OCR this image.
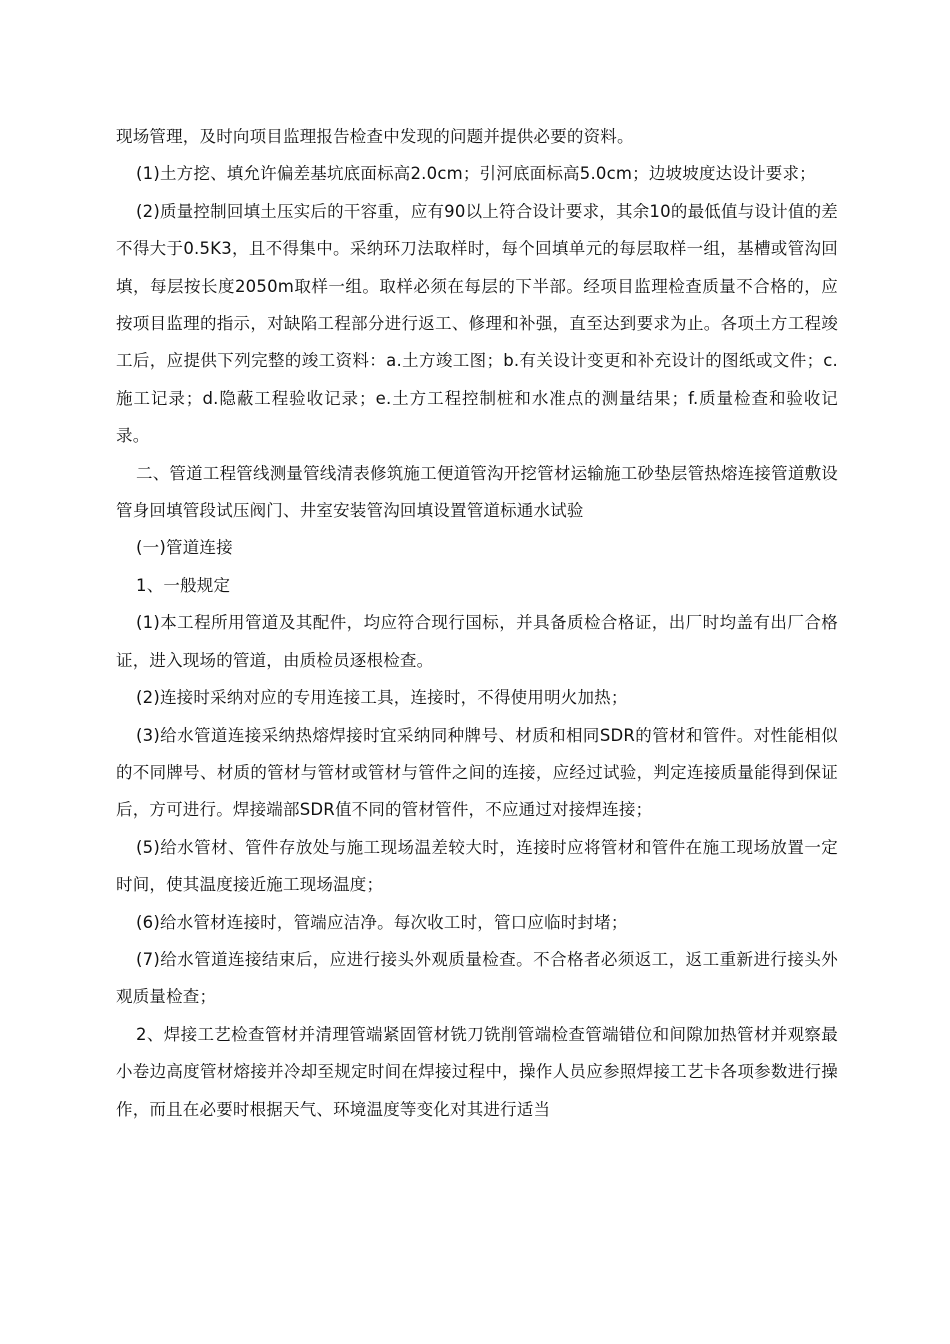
现场管理，及时向项目监理报告检查中发现的问题并提供必要的资料。

(1)土方挖、填允许偏差基坑底面标高2.0cm；引河底面标高5.0cm；边坡坡度达设计要求；

(2)质量控制回填土压实后的干容重，应有90以上符合设计要求，其余10的最低值与设计值的差不得大于0.5K3，且不得集中。采纳环刀法取样时，每个回填单元的每层取样一组，基槽或管沟回填，每层按长度2050m取样一组。取样必须在每层的下半部。经项目监理检查质量不合格的，应按项目监理的指示，对缺陷工程部分进行返工、修理和补强，直至达到要求为止。各项土方工程竣工后，应提供下列完整的竣工资料：a.土方竣工图；b.有关设计变更和补充设计的图纸或文件；c.施工记录；d.隐蔽工程验收记录；e.土方工程控制桩和水准点的测量结果；f.质量检查和验收记录。

二、管道工程管线测量管线清表修筑施工便道管沟开挖管材运输施工砂垫层管热熔连接管道敷设管身回填管段试压阀门、井室安装管沟回填设置管道标通水试验

(一)管道连接

1、一般规定

(1)本工程所用管道及其配件，均应符合现行国标，并具备质检合格证，出厂时均盖有出厂合格证，进入现场的管道，由质检员逐根检查。

(2)连接时采纳对应的专用连接工具，连接时，不得使用明火加热；

(3)给水管道连接采纳热熔焊接时宜采纳同种牌号、材质和相同SDR的管材和管件。对性能相似的不同牌号、材质的管材与管材或管材与管件之间的连接，应经过试验，判定连接质量能得到保证后，方可进行。焊接端部SDR值不同的管材管件，不应通过对接焊连接；

(5)给水管材、管件存放处与施工现场温差较大时，连接时应将管材和管件在施工现场放置一定时间，使其温度接近施工现场温度；

(6)给水管材连接时，管端应洁净。每次收工时，管口应临时封堵；

(7)给水管道连接结束后，应进行接头外观质量检查。不合格者必须返工，返工重新进行接头外观质量检查；

2、焊接工艺检查管材并清理管端紧固管材铣刀铣削管端检查管端错位和间隙加热管材并观察最小卷边高度管材熔接并冷却至规定时间在焊接过程中，操作人员应参照焊接工艺卡各项参数进行操作，而且在必要时根据天气、环境温度等变化对其进行适当
